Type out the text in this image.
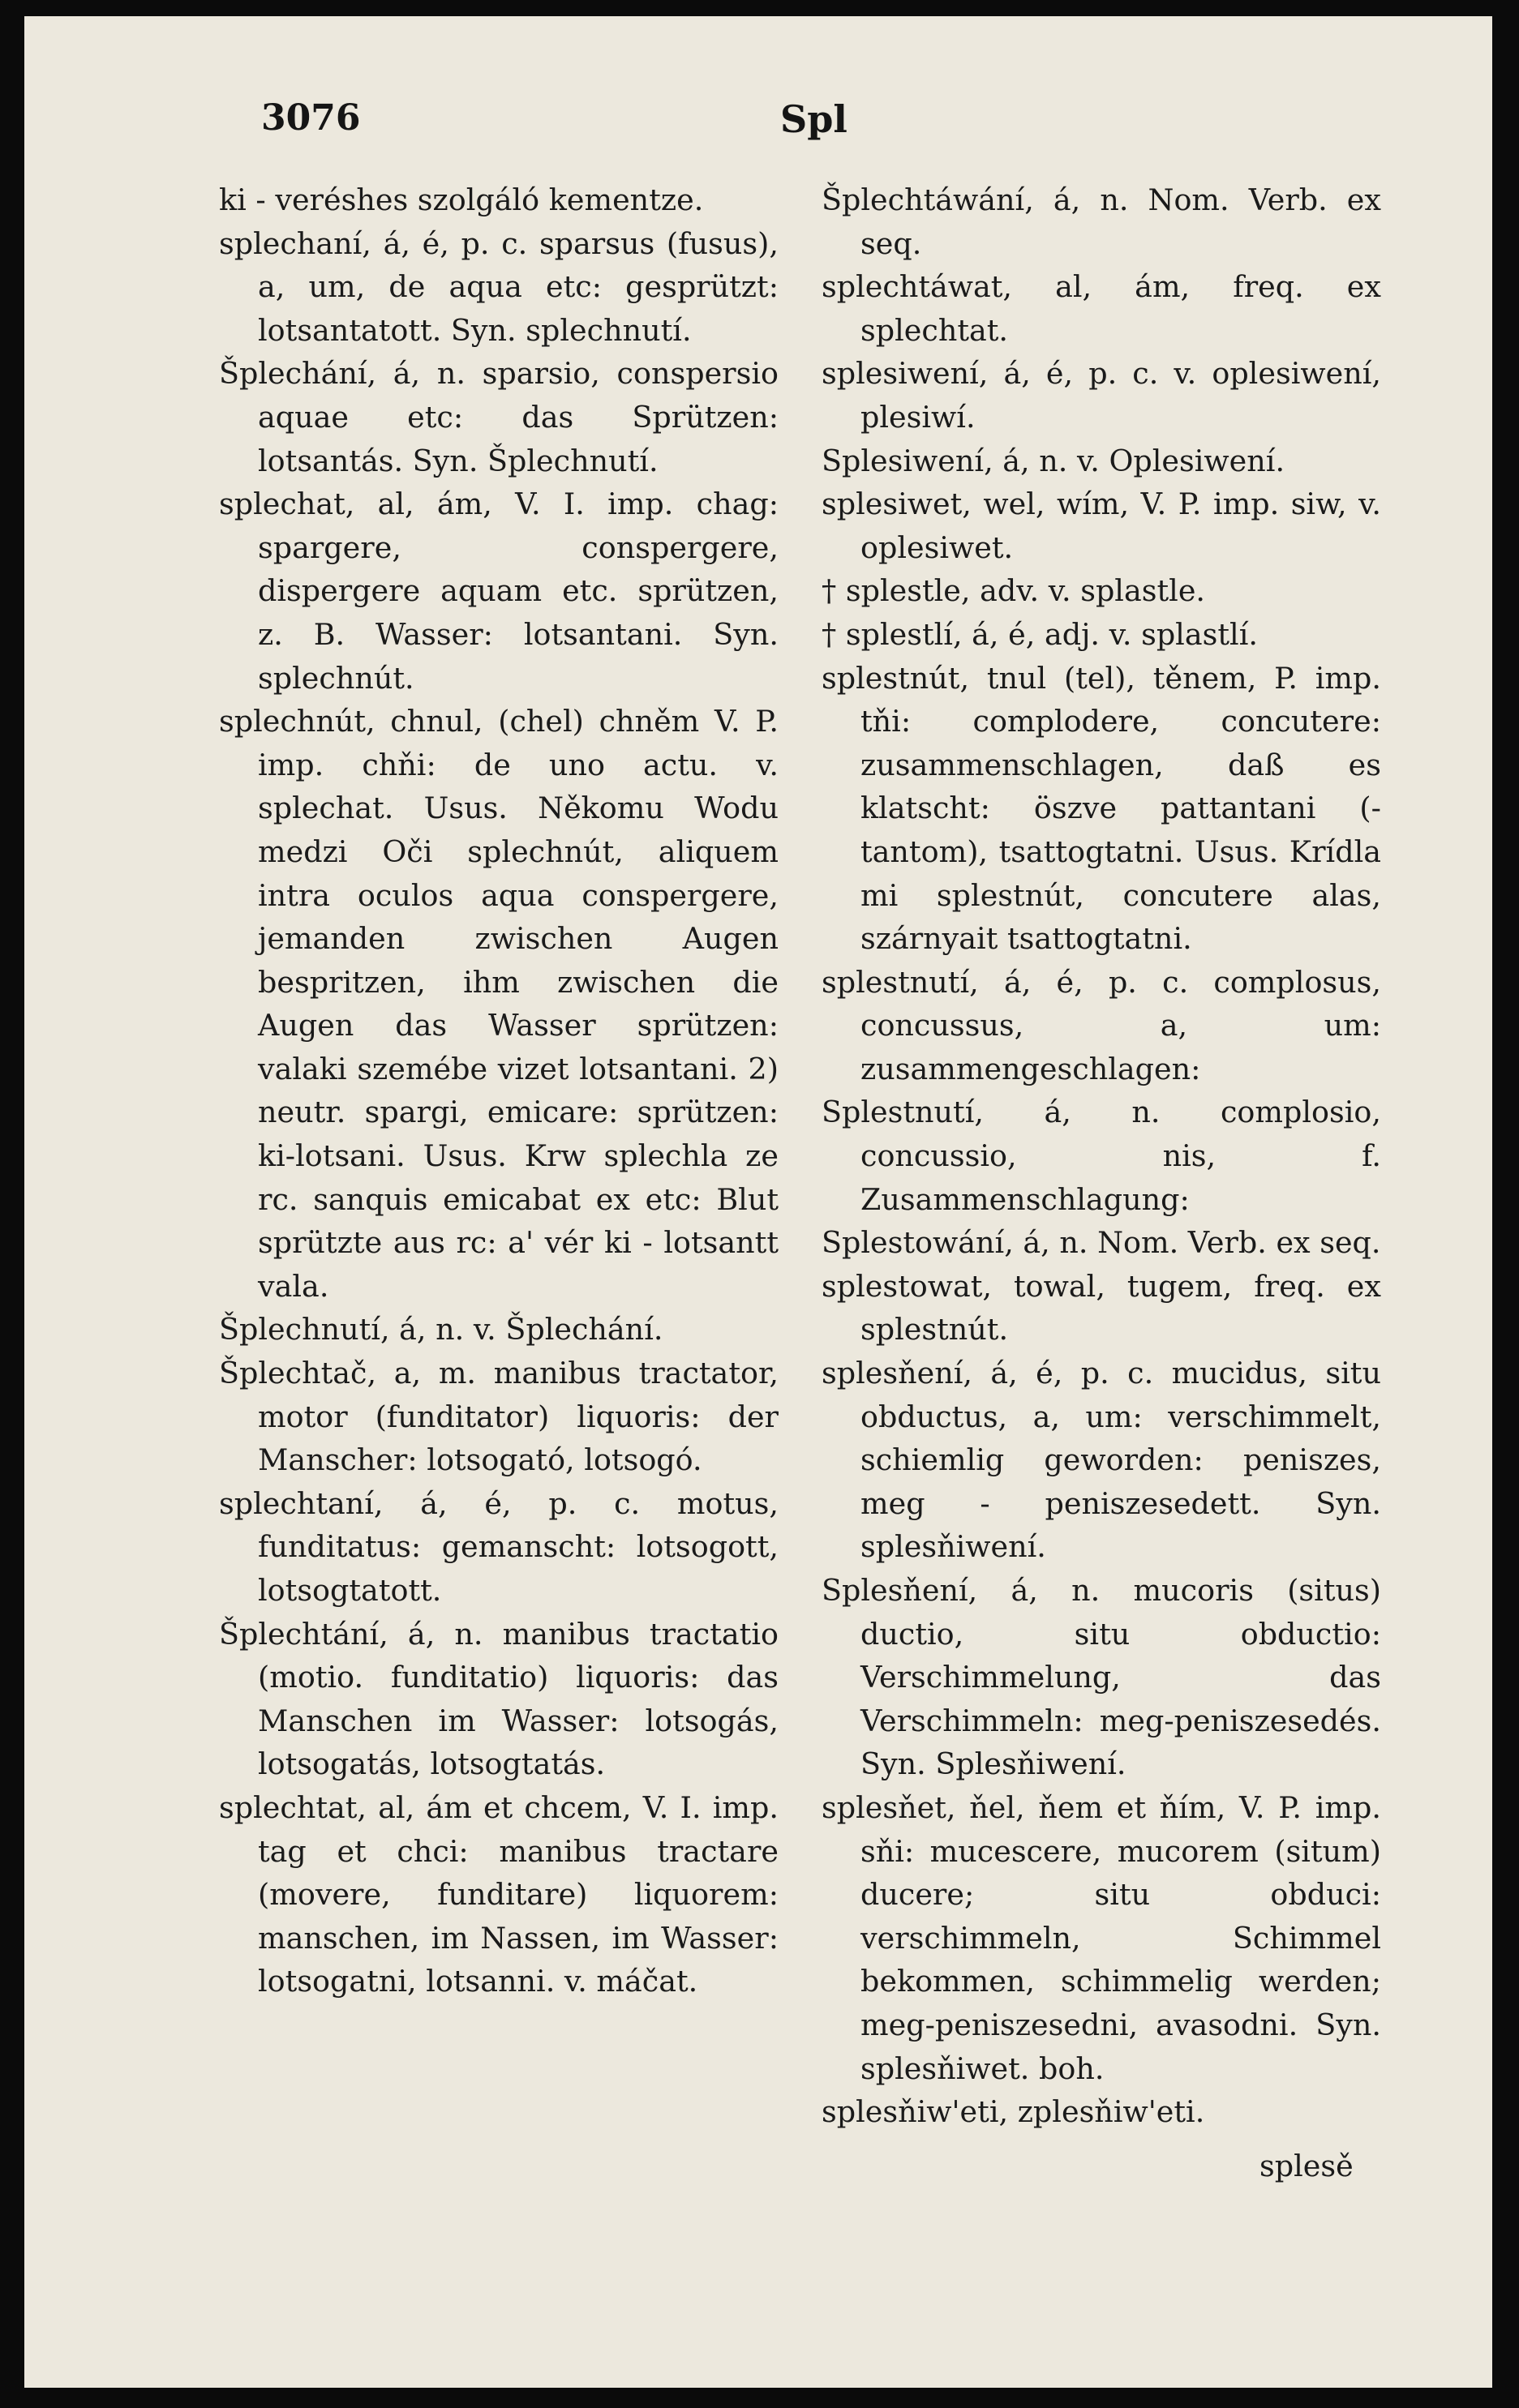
3076	Spl

ki - veréshes szolgáló kementze.

splechaní, á, é, p. c. sparsus (fusus), a, um, de aqua etc: gesprützt: lotsantatott. Syn. splechnutí.

Šplechání, á, n. sparsio, conspersio aquae etc: das Sprützen: lotsantás. Syn. Šplechnutí.

splechat, al, ám, V. I. imp. chag: spargere, conspergere, dispergere aquam etc. sprützen, z. B. Wasser: lotsantani. Syn. splechnút.

splechnút, chnul, (chel) chněm V. P. imp. chňi: de uno actu. v. splechat. Usus. Někomu Wodu medzi Oči splechnút, aliquem intra oculos aqua conspergere, jemanden zwischen Augen bespritzen, ihm zwischen die Augen das Wasser sprützen: valaki szemébe vizet lotsantani. 2) neutr. spargi, emicare: sprützen: ki-lotsani. Usus. Krw splechla ze rc. sanquis emicabat ex etc: Blut sprützte aus rc: a' vér ki - lotsantt vala.

Šplechnutí, á, n. v. Šplechání.

Šplechtač, a, m. manibus tractator, motor (funditator) liquoris: der Manscher: lotsogató, lotsogó.

splechtaní, á, é, p. c. motus, funditatus: gemanscht: lotsogott, lotsogtatott.

Šplechtání, á, n. manibus tractatio (motio. funditatio) liquoris: das Manschen im Wasser: lotsogás, lotsogatás, lotsogtatás.

splechtat, al, ám et chcem, V. I. imp. tag et chci: manibus tractare (movere, funditare) liquorem: manschen, im Nassen, im Wasser: lotsogatni, lotsanni. v. máčat.

Šplechtáwání, á, n. Nom. Verb. ex seq.

splechtáwat, al, ám, freq. ex splechtat.

splesiwení, á, é, p. c. v. oplesiwení, plesiwí.

Splesiwení, á, n. v. Oplesiwení.

splesiwet, wel, wím, V. P. imp. siw, v. oplesiwet.

† splestle, adv. v. splastle.

† splestlí, á, é, adj. v. splastlí.

splestnút, tnul (tel), těnem, P. imp. tňi: complodere, concutere: zusammenschlagen, daß es klatscht: öszve pattantani (-tantom), tsattogtatni. Usus. Krídla mi splestnút, concutere alas, szárnyait tsattogtatni.

splestnutí, á, é, p. c. complosus, concussus, a, um: zusammengeschlagen:

Splestnutí, á, n. complosio, concussio, nis, f. Zusammenschlagung:

Splestowání, á, n. Nom. Verb. ex seq.

splestowat, towal, tugem, freq. ex splestnút.

splesňení, á, é, p. c. mucidus, situ obductus, a, um: verschimmelt, schiemlig geworden: peniszes, meg - peniszesedett. Syn. splesňiwení.

Splesňení, á, n. mucoris (situs) ductio, situ obductio: Verschimmelung, das Verschimmeln: meg-peniszesedés. Syn. Splesňiwení.

splesňet, ňel, ňem et ňím, V. P. imp. sňi: mucescere, mucorem (situm) ducere; situ obduci: verschimmeln, Schimmel bekommen, schimmelig werden; meg-peniszesedni, avasodni. Syn. splesňiwet. boh.

splesňiw'eti, zplesňiw'eti.

splesě
